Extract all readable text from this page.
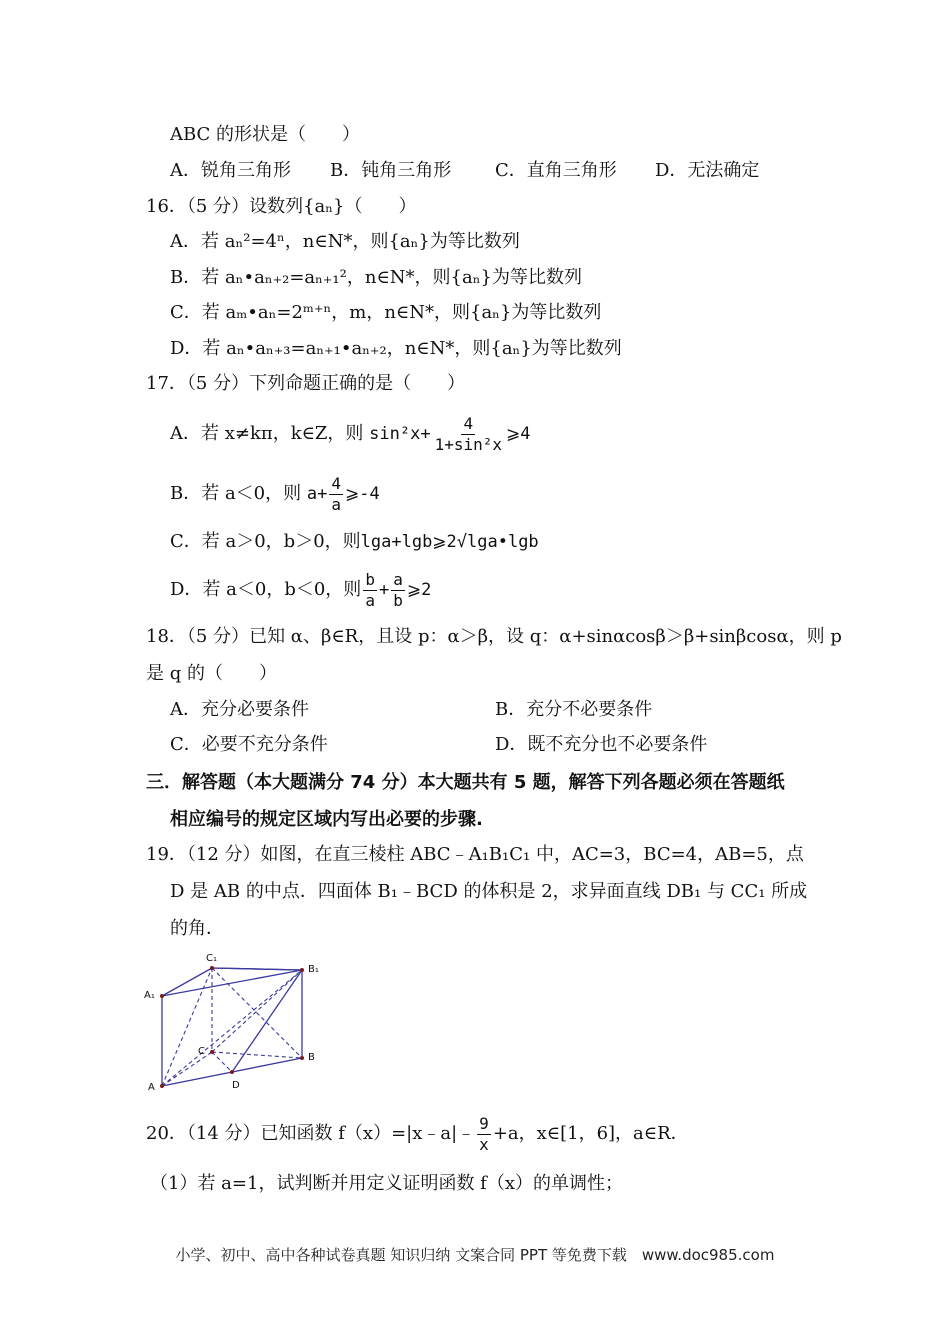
ABC 的形状是（　　）
A．锐角三角形 B．钝角三角形 C．直角三角形 D．无法确定
16．（5 分）设数列{aₙ}（　　）
A．若 aₙ²=4ⁿ，n∈N*，则{aₙ}为等比数列
B．若 aₙ•aₙ₊₂=aₙ₊₁²，n∈N*，则{aₙ}为等比数列
C．若 aₘ•aₙ=2ᵐ⁺ⁿ，m，n∈N*，则{aₙ}为等比数列
D．若 aₙ•aₙ₊₃=aₙ₊₁•aₙ₊₂，n∈N*，则{aₙ}为等比数列
17．（5 分）下列命题正确的是（　　）
A．若 x≠kπ，k∈Z，则 $\sin^2x+ \frac{4}{\text{1+sin²x}}$ ⩾4
B．若 a＜0，则 $a+ \frac{4}{a}$ ⩾-4
C．若 a＞0，b＞0，则lga+lgb⩾2√lga•lgb
D．若 a＜0，b＜0，则 $\frac{b}{a} + \frac{a}{b}$ ⩾2
18．（5 分）已知 α、β∈R，且设 p：α＞β，设 q：α+sinαcosβ＞β+sinβcosα，则 p
是 q 的（　　）
A．充分必要条件	B．充分不必要条件
C．必要不充分条件	D．既不充分也不必要条件
三．解答题（本大题满分 74 分）本大题共有 5 题，解答下列各题必须在答题纸
相应编号的规定区域内写出必要的步骤.
19．（12 分）如图，在直三棱柱 ABC﹣A₁B₁C₁ 中，AC=3，BC=4，AB=5，点
D 是 AB 的中点．四面体 B₁﹣BCD 的体积是 2，求异面直线 DB₁ 与 CC₁ 所成
的角．
C₁
B₁
A₁
C
B
A	D
20．（14 分）已知函数 f（x）=|x﹣a|﹣ $\frac{9}{x} +a$，x∈[1，6]，a∈R．
（1）若 a=1，试判断并用定义证明函数 f（x）的单调性；
小学、初中、高中各种试卷真题 知识归纳 文案合同 PPT 等免费下载　www.doc985.com
